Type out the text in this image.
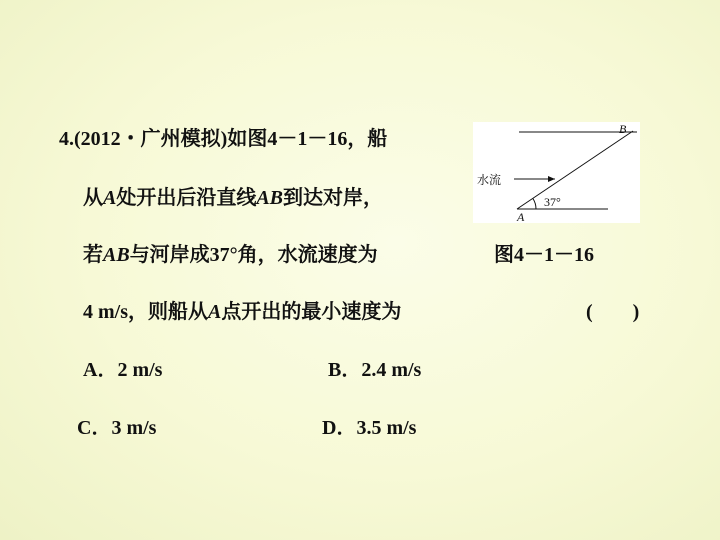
4.(2012・广州模拟)如图4－1－16，船
从A处开出后沿直线AB到达对岸，
若AB与河岸成37°角，水流速度为	图4－1－16
4 m/s，则船从A点开出的最小速度为	(　　)
A．2 m/s	B．2.4 m/s
C．3 m/s	D．3.5 m/s
B
A
水流
37°
